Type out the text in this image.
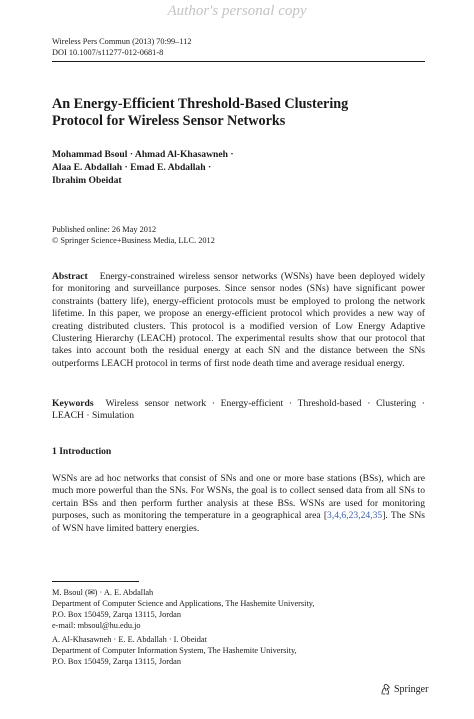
Author's personal copy
Wireless Pers Commun (2013) 70:99–112
DOI 10.1007/s11277-012-0681-8
An Energy-Efficient Threshold-Based Clustering
Protocol for Wireless Sensor Networks
Mohammad Bsoul · Ahmad Al-Khasawneh ·
Alaa E. Abdallah · Emad E. Abdallah ·
Ibrahim Obeidat
Published online: 26 May 2012
© Springer Science+Business Media, LLC. 2012
Abstract Energy-constrained wireless sensor networks (WSNs) have been deployed widely for monitoring and surveillance purposes. Since sensor nodes (SNs) have significant power constraints (battery life), energy-efficient protocols must be employed to prolong the network lifetime. In this paper, we propose an energy-efficient protocol which provides a new way of creating distributed clusters. This protocol is a modified version of Low Energy Adaptive Clustering Hierarchy (LEACH) protocol. The experimental results show that our protocol that takes into account both the residual energy at each SN and the distance between the SNs outperforms LEACH protocol in terms of first node death time and average residual energy.
Keywords Wireless sensor network · Energy-efficient · Threshold-based · Clustering · LEACH · Simulation
1 Introduction
WSNs are ad hoc networks that consist of SNs and one or more base stations (BSs), which are much more powerful than the SNs. For WSNs, the goal is to collect sensed data from all SNs to certain BSs and then perform further analysis at these BSs. WSNs are used for monitoring purposes, such as monitoring the temperature in a geographical area [3,4,6,23,24,35]. The SNs of WSN have limited battery energies.
M. Bsoul (✉) · A. E. Abdallah
Department of Computer Science and Applications, The Hashemite University,
P.O. Box 150459, Zarqa 13115, Jordan
e-mail: mbsoul@hu.edu.jo
A. Al-Khasawneh · E. E. Abdallah · I. Obeidat
Department of Computer Information System, The Hashemite University,
P.O. Box 150459, Zarqa 13115, Jordan
Springer
